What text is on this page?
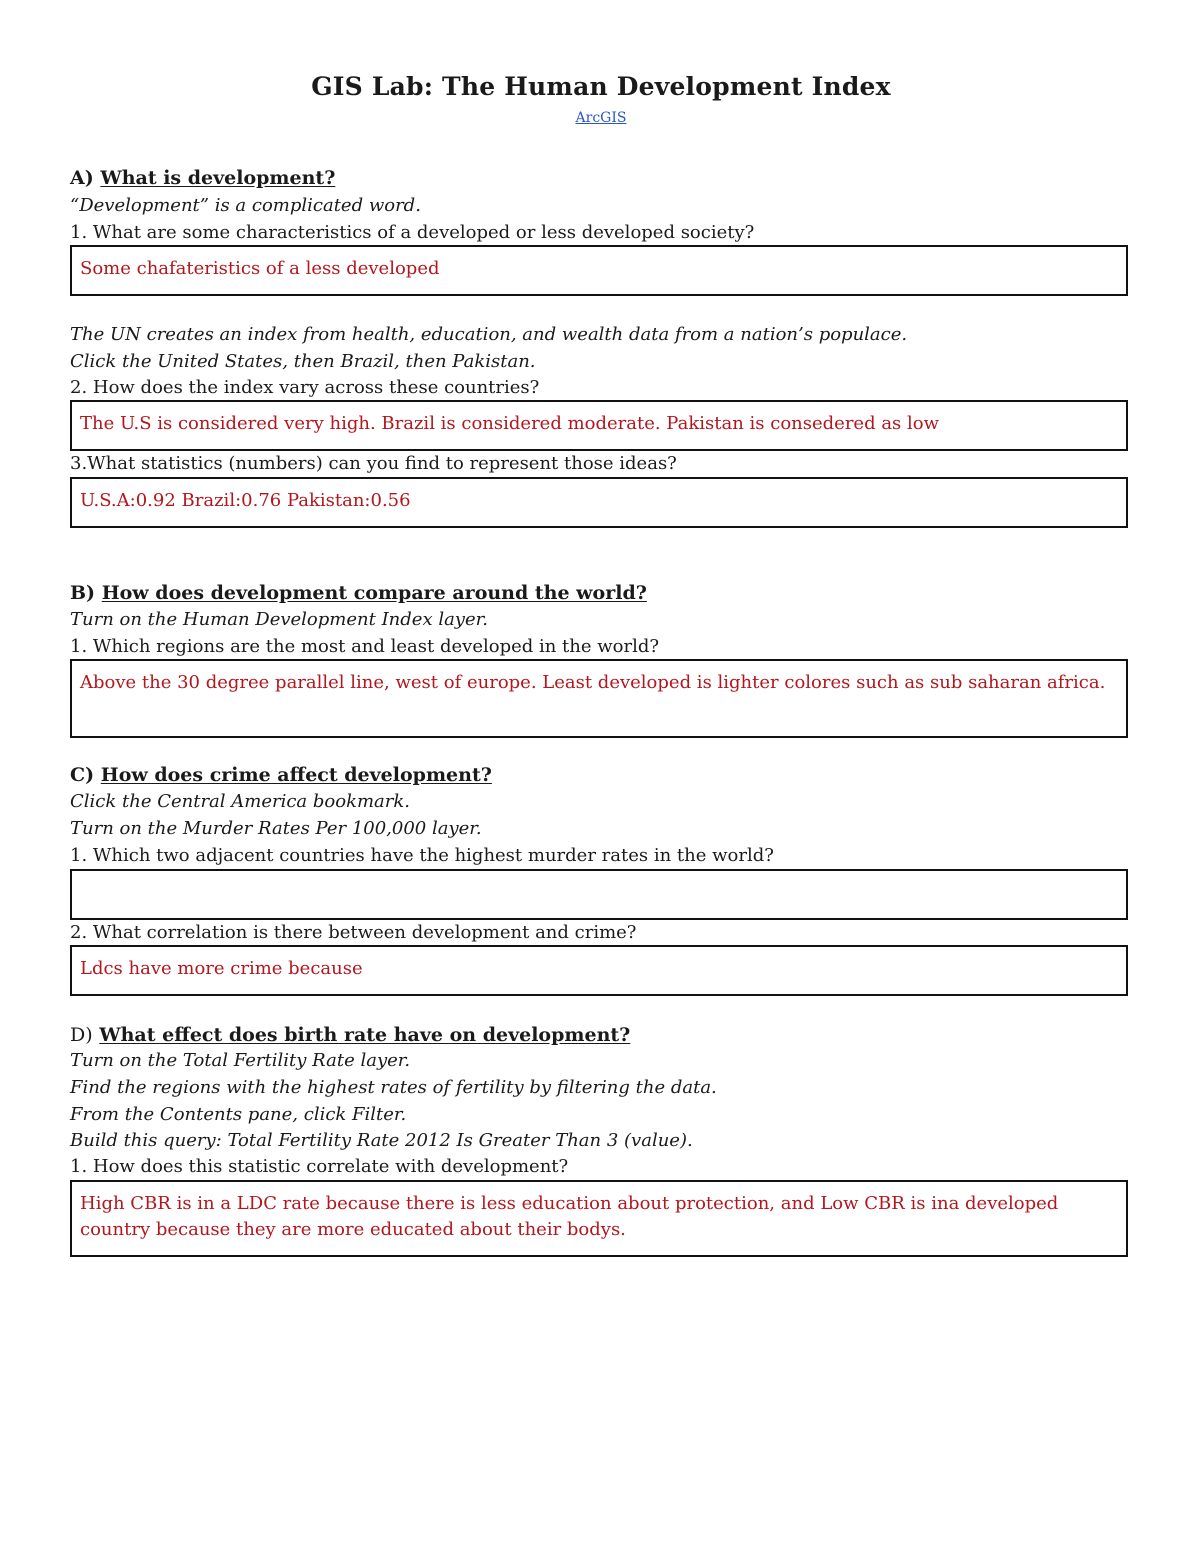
GIS Lab: The Human Development Index
ArcGIS
A) What is development?
“Development” is a complicated word.
1. What are some characteristics of a developed or less developed society?
Some chafateristics of a less developed
The UN creates an index from health, education, and wealth data from a nation’s populace.
Click the United States, then Brazil, then Pakistan.
2. How does the index vary across these countries?
The U.S is considered very high. Brazil is considered moderate. Pakistan is consedered as low
3.What statistics (numbers) can you find to represent those ideas?
U.S.A:0.92 Brazil:0.76 Pakistan:0.56
B) How does development compare around the world?
Turn on the Human Development Index layer.
1. Which regions are the most and least developed in the world?
Above the 30 degree parallel line, west of europe. Least developed is lighter colores such as sub saharan africa.
C) How does crime affect development?
Click the Central America bookmark.
Turn on the Murder Rates Per 100,000 layer.
1. Which two adjacent countries have the highest murder rates in the world?
2. What correlation is there between development and crime?
Ldcs have more crime because
D) What effect does birth rate have on development?
Turn on the Total Fertility Rate layer.
Find the regions with the highest rates of fertility by filtering the data.
From the Contents pane, click Filter.
Build this query: Total Fertility Rate 2012 Is Greater Than 3 (value).
1. How does this statistic correlate with development?
High CBR is in a LDC rate because there is less education about protection, and Low CBR is ina developed country because they are more educated about their bodys.
